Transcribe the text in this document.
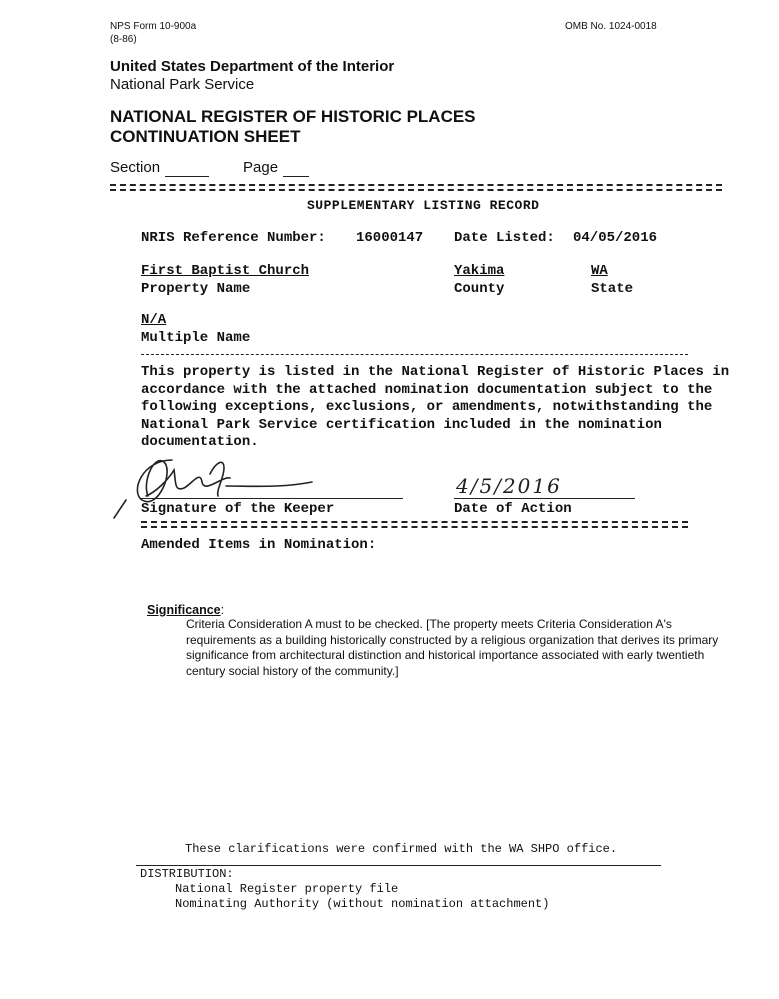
NPS Form 10-900a
(8-86)
OMB No. 1024-0018
United States Department of the Interior
National Park Service
NATIONAL REGISTER OF HISTORIC PLACES
CONTINUATION SHEET
Section	Page
SUPPLEMENTARY LISTING RECORD
NRIS Reference Number: 16000147 Date Listed: 04/05/2016
First Baptist Church
Property Name
Yakima
County
WA
State
N/A
Multiple Name
This property is listed in the National Register of Historic Places in accordance with the attached nomination documentation subject to the following exceptions, exclusions, or amendments, notwithstanding the National Park Service certification included in the nomination documentation.
Signature of the Keeper
4/5/2016
Date of Action
Amended Items in Nomination:
Significance:
Criteria Consideration A must to be checked. [The property meets Criteria Consideration A's requirements as a building historically constructed by a religious organization that derives its primary significance from architectural distinction and historical importance associated with early twentieth century social history of the community.]
These clarifications were confirmed with the WA SHPO office.
DISTRIBUTION:
National Register property file
Nominating Authority (without nomination attachment)
